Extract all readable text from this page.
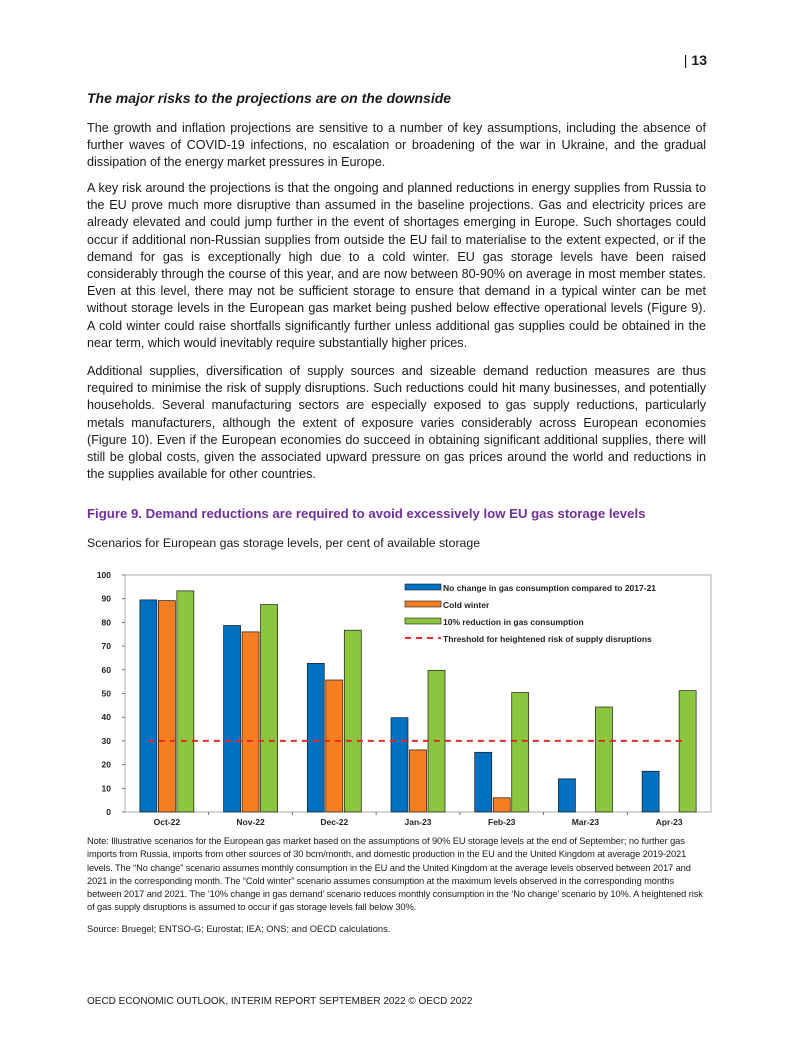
| 13
The major risks to the projections are on the downside

The growth and inflation projections are sensitive to a number of key assumptions, including the absence of further waves of COVID-19 infections, no escalation or broadening of the war in Ukraine, and the gradual dissipation of the energy market pressures in Europe.

A key risk around the projections is that the ongoing and planned reductions in energy supplies from Russia to the EU prove much more disruptive than assumed in the baseline projections. Gas and electricity prices are already elevated and could jump further in the event of shortages emerging in Europe. Such shortages could occur if additional non-Russian supplies from outside the EU fail to materialise to the extent expected, or if the demand for gas is exceptionally high due to a cold winter. EU gas storage levels have been raised considerably through the course of this year, and are now between 80-90% on average in most member states. Even at this level, there may not be sufficient storage to ensure that demand in a typical winter can be met without storage levels in the European gas market being pushed below effective operational levels (Figure 9). A cold winter could raise shortfalls significantly further unless additional gas supplies could be obtained in the near term, which would inevitably require substantially higher prices.

Additional supplies, diversification of supply sources and sizeable demand reduction measures are thus required to minimise the risk of supply disruptions. Such reductions could hit many businesses, and potentially households. Several manufacturing sectors are especially exposed to gas supply reductions, particularly metals manufacturers, although the extent of exposure varies considerably across European economies (Figure 10). Even if the European economies do succeed in obtaining significant additional supplies, there will still be global costs, given the associated upward pressure on gas prices around the world and reductions in the supplies available for other countries.

Figure 9. Demand reductions are required to avoid excessively low EU gas storage levels
Scenarios for European gas storage levels, per cent of available storage
0
10
20
30
40
50
60
70
80
90
100
Oct-22	Nov-22	Dec-22	Jan-23	Feb-23	Mar-23	Apr-23
No change in gas consumption compared to 2017-21
Cold winter
10% reduction in gas consumption
Threshold for heightened risk of supply disruptions

Note: Illustrative scenarios for the European gas market based on the assumptions of 90% EU storage levels at the end of September; no further gas imports from Russia, imports from other sources of 30 bcm/month, and domestic production in the EU and the United Kingdom at average 2019-2021 levels. The “No change” scenario assumes monthly consumption in the EU and the United Kingdom at the average levels observed between 2017 and 2021 in the corresponding month. The “Cold winter” scenario assumes consumption at the maximum levels observed in the corresponding months between 2017 and 2021. The ‘10% change in gas demand’ scenario reduces monthly consumption in the ‘No change’ scenario by 10%. A heightened risk of gas supply disruptions is assumed to occur if gas storage levels fall below 30%.

Source: Bruegel; ENTSO-G; Eurostat; IEA; ONS; and OECD calculations.

OECD ECONOMIC OUTLOOK, INTERIM REPORT SEPTEMBER 2022 © OECD 2022
